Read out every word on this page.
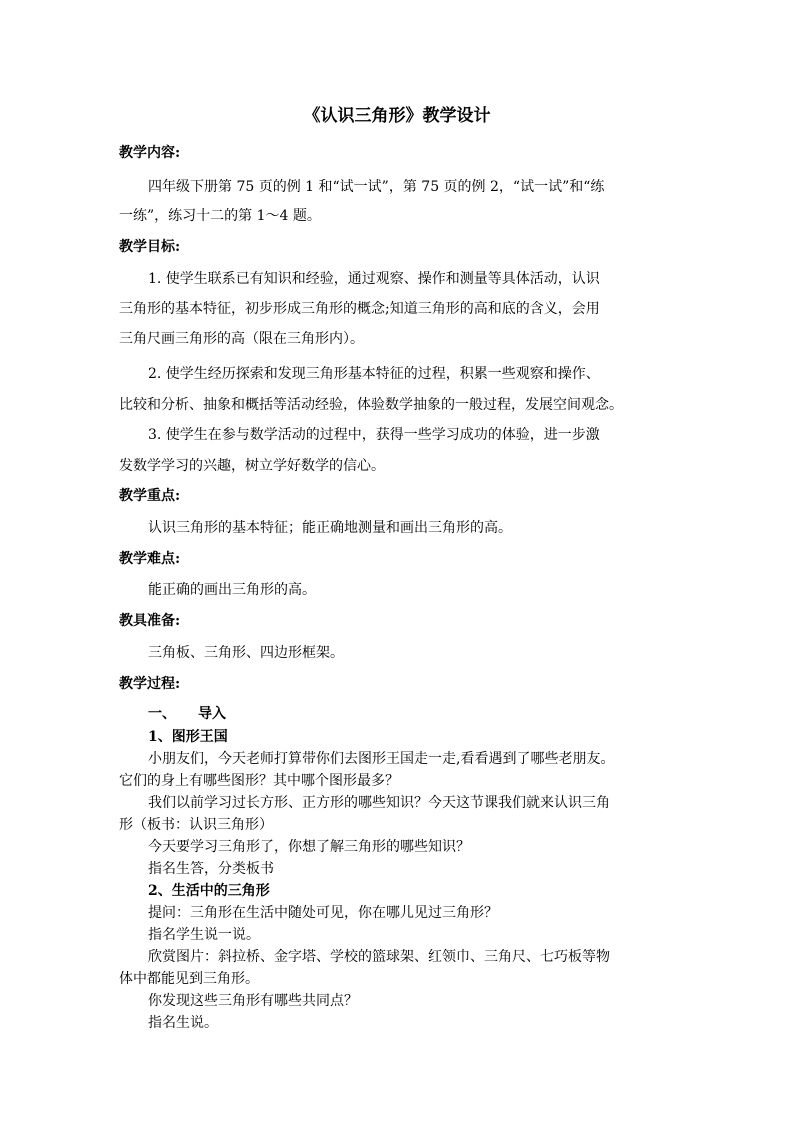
《认识三角形》教学设计
教学内容:
四年级下册第 75 页的例 1 和“试一试”，第 75 页的例 2，“试一试”和“练
一练”，练习十二的第 1～4 题。
教学目标:
1. 使学生联系已有知识和经验，通过观察、操作和测量等具体活动，认识
三角形的基本特征，初步形成三角形的概念;知道三角形的高和底的含义，会用
三角尺画三角形的高（限在三角形内）。
2. 使学生经历探索和发现三角形基本特征的过程，积累一些观察和操作、
比较和分析、抽象和概括等活动经验，体验数学抽象的一般过程，发展空间观念。
3. 使学生在参与数学活动的过程中，获得一些学习成功的体验，进一步激
发数学学习的兴趣，树立学好数学的信心。
教学重点:
认识三角形的基本特征；能正确地测量和画出三角形的高。
教学难点:
能正确的画出三角形的高。
教具准备:
三角板、三角形、四边形框架。
教学过程:
一、 导入
1、图形王国
小朋友们，今天老师打算带你们去图形王国走一走,看看遇到了哪些老朋友。
它们的身上有哪些图形？其中哪个图形最多？
我们以前学习过长方形、正方形的哪些知识？今天这节课我们就来认识三角
形（板书：认识三角形）
今天要学习三角形了，你想了解三角形的哪些知识？
指名生答，分类板书
2、生活中的三角形
提问：三角形在生活中随处可见，你在哪儿见过三角形？
指名学生说一说。
欣赏图片：斜拉桥、金字塔、学校的篮球架、红领巾、三角尺、七巧板等物
体中都能见到三角形。
你发现这些三角形有哪些共同点？
指名生说。
